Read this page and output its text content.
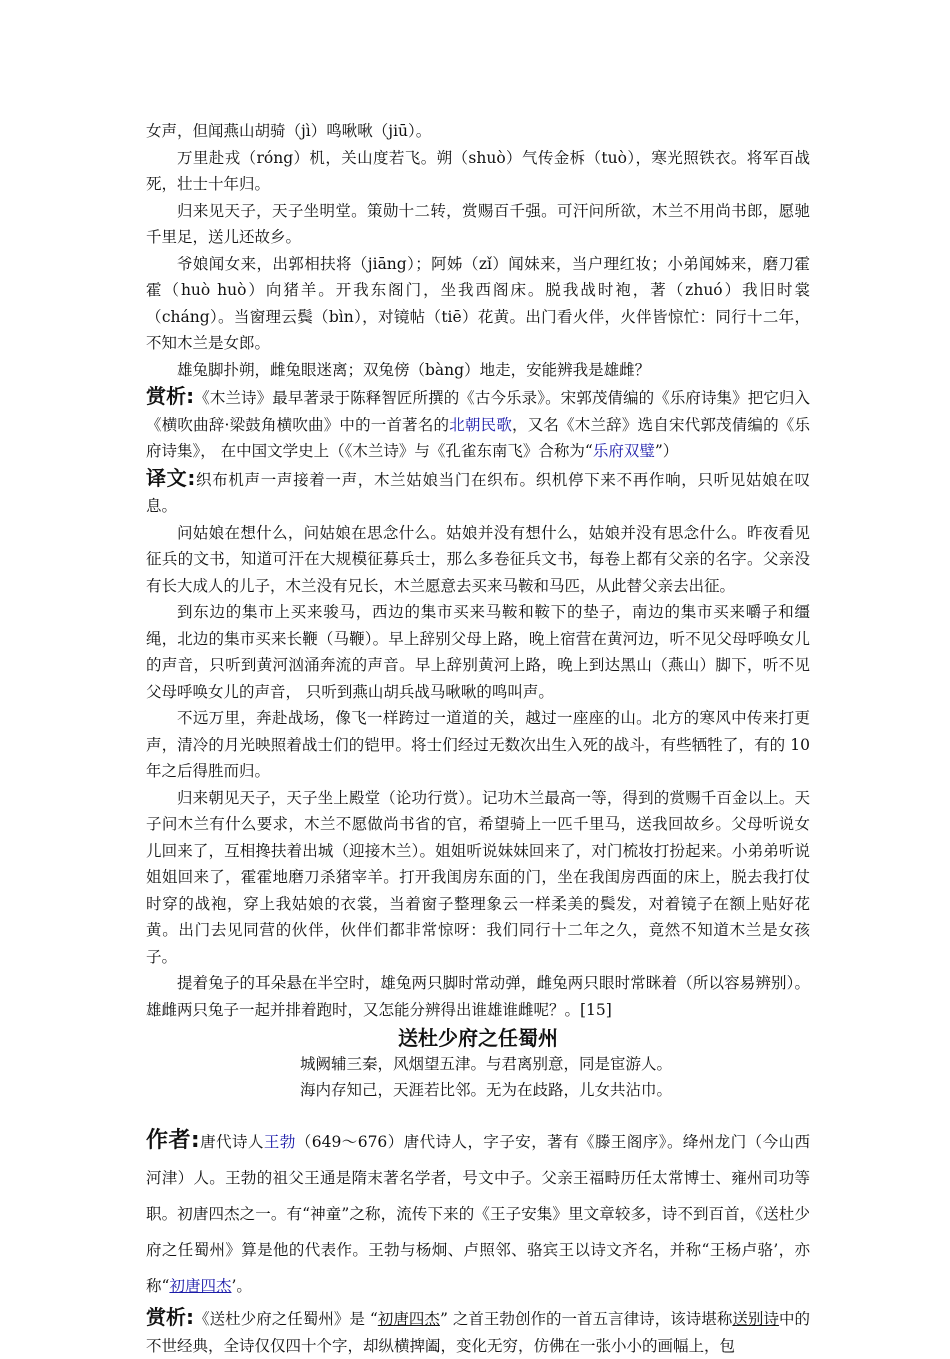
女声，但闻燕山胡骑（jì）鸣啾啾（jiū）。

万里赴戎（róng）机，关山度若飞。朔（shuò）气传金柝（tuò），寒光照铁衣。将军百战死，壮士十年归。

归来见天子，天子坐明堂。策勋十二转，赏赐百千强。可汗问所欲，木兰不用尚书郎，愿驰千里足，送儿还故乡。

爷娘闻女来，出郭相扶将（jiāng）；阿姊（zǐ）闻妹来，当户理红妆；小弟闻姊来，磨刀霍霍（huò huò）向猪羊。开我东阁门，坐我西阁床。脱我战时袍，著（zhuó）我旧时裳（cháng）。当窗理云鬓（bìn），对镜帖（tiē）花黄。出门看火伴，火伴皆惊忙：同行十二年，不知木兰是女郎。

雄兔脚扑朔，雌兔眼迷离；双兔傍（bàng）地走，安能辨我是雄雌？

赏析:《木兰诗》最早著录于陈释智匠所撰的《古今乐录》。宋郭茂倩编的《乐府诗集》把它归入《横吹曲辞·梁鼓角横吹曲》中的一首著名的北朝民歌，又名《木兰辞》选自宋代郭茂倩编的《乐府诗集》， 在中国文学史上（《木兰诗》与《孔雀东南飞》合称为“乐府双璧”）

译文:织布机声一声接着一声，木兰姑娘当门在织布。织机停下来不再作响，只听见姑娘在叹息。

问姑娘在想什么，问姑娘在思念什么。姑娘并没有想什么，姑娘并没有思念什么。昨夜看见征兵的文书，知道可汗在大规模征募兵士，那么多卷征兵文书，每卷上都有父亲的名字。父亲没有长大成人的儿子，木兰没有兄长，木兰愿意去买来马鞍和马匹，从此替父亲去出征。

到东边的集市上买来骏马，西边的集市买来马鞍和鞍下的垫子，南边的集市买来嚼子和缰绳，北边的集市买来长鞭（马鞭）。早上辞别父母上路，晚上宿营在黄河边，听不见父母呼唤女儿的声音，只听到黄河汹涌奔流的声音。早上辞别黄河上路，晚上到达黑山（燕山）脚下，听不见父母呼唤女儿的声音， 只听到燕山胡兵战马啾啾的鸣叫声。

不远万里，奔赴战场，像飞一样跨过一道道的关，越过一座座的山。北方的寒风中传来打更声，清冷的月光映照着战士们的铠甲。将士们经过无数次出生入死的战斗，有些牺牲了，有的 10 年之后得胜而归。

归来朝见天子，天子坐上殿堂（论功行赏）。记功木兰最高一等，得到的赏赐千百金以上。天子问木兰有什么要求，木兰不愿做尚书省的官，希望骑上一匹千里马，送我回故乡。父母听说女儿回来了，互相搀扶着出城（迎接木兰）。姐姐听说妹妹回来了，对门梳妆打扮起来。小弟弟听说姐姐回来了，霍霍地磨刀杀猪宰羊。打开我闺房东面的门，坐在我闺房西面的床上，脱去我打仗时穿的战袍，穿上我姑娘的衣裳，当着窗子整理象云一样柔美的鬓发，对着镜子在额上贴好花黄。出门去见同营的伙伴，伙伴们都非常惊呀：我们同行十二年之久，竟然不知道木兰是女孩子。

提着兔子的耳朵悬在半空时，雄兔两只脚时常动弹，雌兔两只眼时常眯着（所以容易辨别）。雄雌两只兔子一起并排着跑时，又怎能分辨得出谁雄谁雌呢？。[15]

送杜少府之任蜀州
城阙辅三秦，风烟望五津。与君离别意，同是宦游人。
海内存知己，天涯若比邻。无为在歧路，儿女共沾巾。

作者:唐代诗人王勃（649～676）唐代诗人，字子安，著有《滕王阁序》。绛州龙门（今山西 河津）人。王勃的祖父王通是隋末著名学者，号文中子。父亲王福畤历任太常博士、雍州司功等职。初唐四杰之一。有“神童”之称，流传下来的《王子安集》里文章较多，诗不到百首，《送杜少府之任蜀州》算是他的代表作。王勃与杨炯、卢照邻、骆宾王以诗文齐名，并称“王杨卢骆’，亦称“初唐四杰’。

赏析:《送杜少府之任蜀州》是 “初唐四杰” 之首王勃创作的一首五言律诗，该诗堪称送别诗中的不世经典，全诗仅仅四十个字，却纵横捭阖，变化无穷，仿佛在一张小小的画幅上，包
